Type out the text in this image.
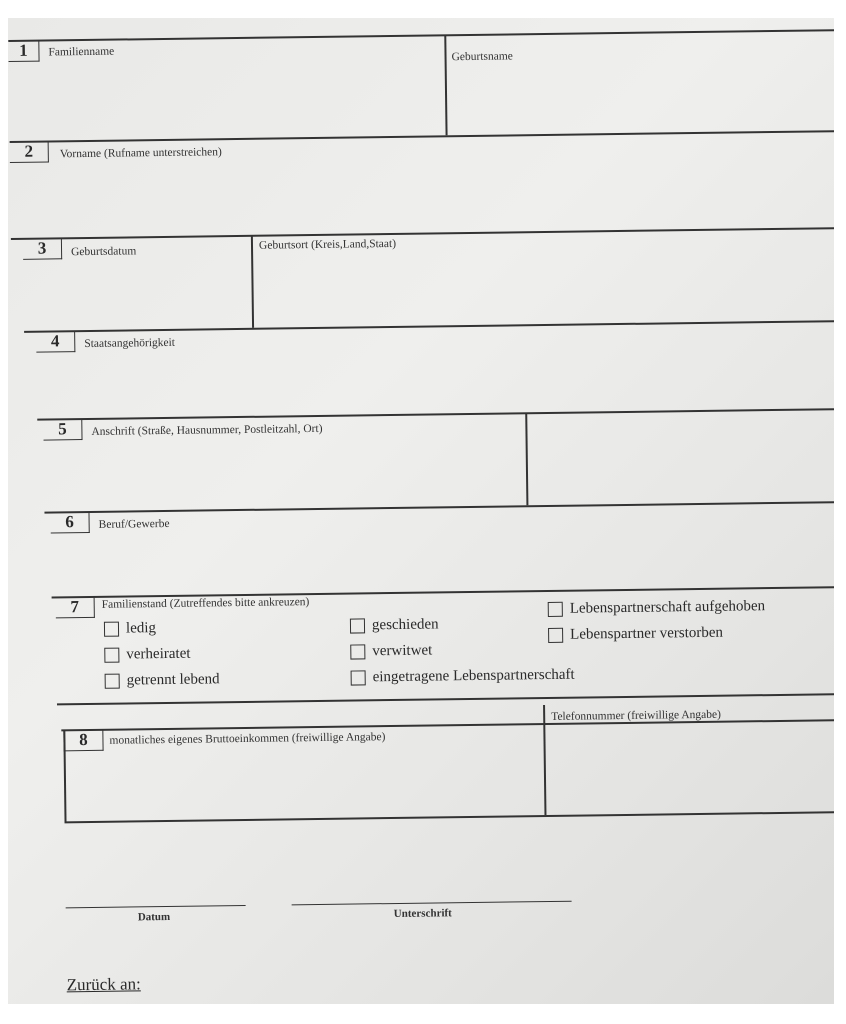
1	Familienname	Geburtsname
2	Vorname (Rufname unterstreichen)
3	Geburtsdatum
Geburtsort (Kreis,Land,Staat)
4	Staatsangehörigkeit
5	Anschrift (Straße, Hausnummer, Postleitzahl, Ort)
6	Beruf/Gewerbe
7	Familienstand (Zutreffendes bitte ankreuzen)
ledig
verheiratet
getrennt lebend
geschieden
verwitwet
eingetragene Lebenspartnerschaft
Lebenspartnerschaft aufgehoben
Lebenspartner verstorben
8	monatliches eigenes Bruttoeinkommen (freiwillige Angabe)
Telefonnummer (freiwillige Angabe)
Datum	Unterschrift
Zurück an:
